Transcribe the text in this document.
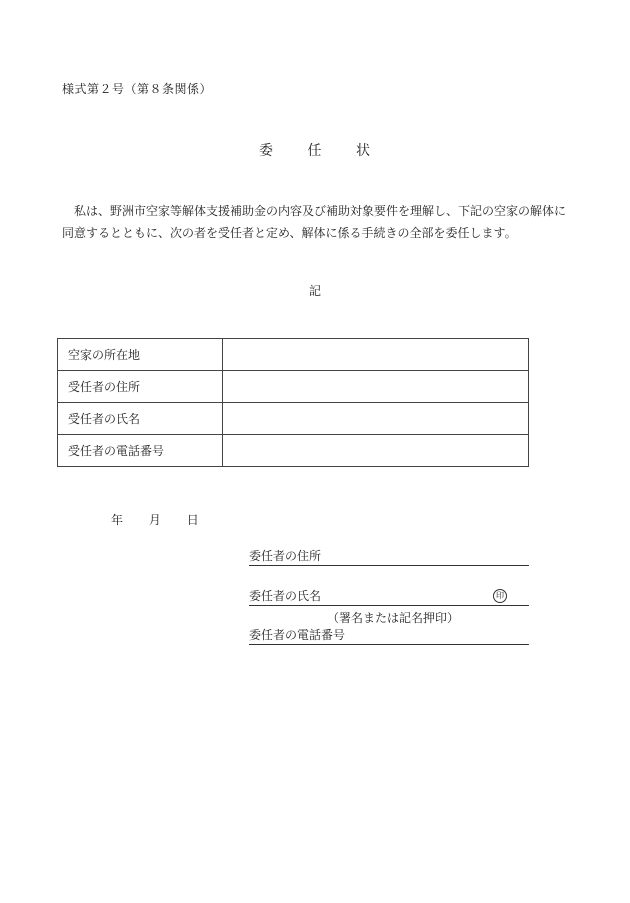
様式第２号（第８条関係）
委 任 状
私は、野洲市空家等解体支援補助金の内容及び補助対象要件を理解し、下記の空家の解体に同意するとともに、次の者を受任者と定め、解体に係る手続きの全部を委任します。
記
空家の所在地	
受任者の住所	
受任者の氏名	
受任者の電話番号	
年 月 日
委任者の住所
委任者の氏名	印
（署名または記名押印）
委任者の電話番号
